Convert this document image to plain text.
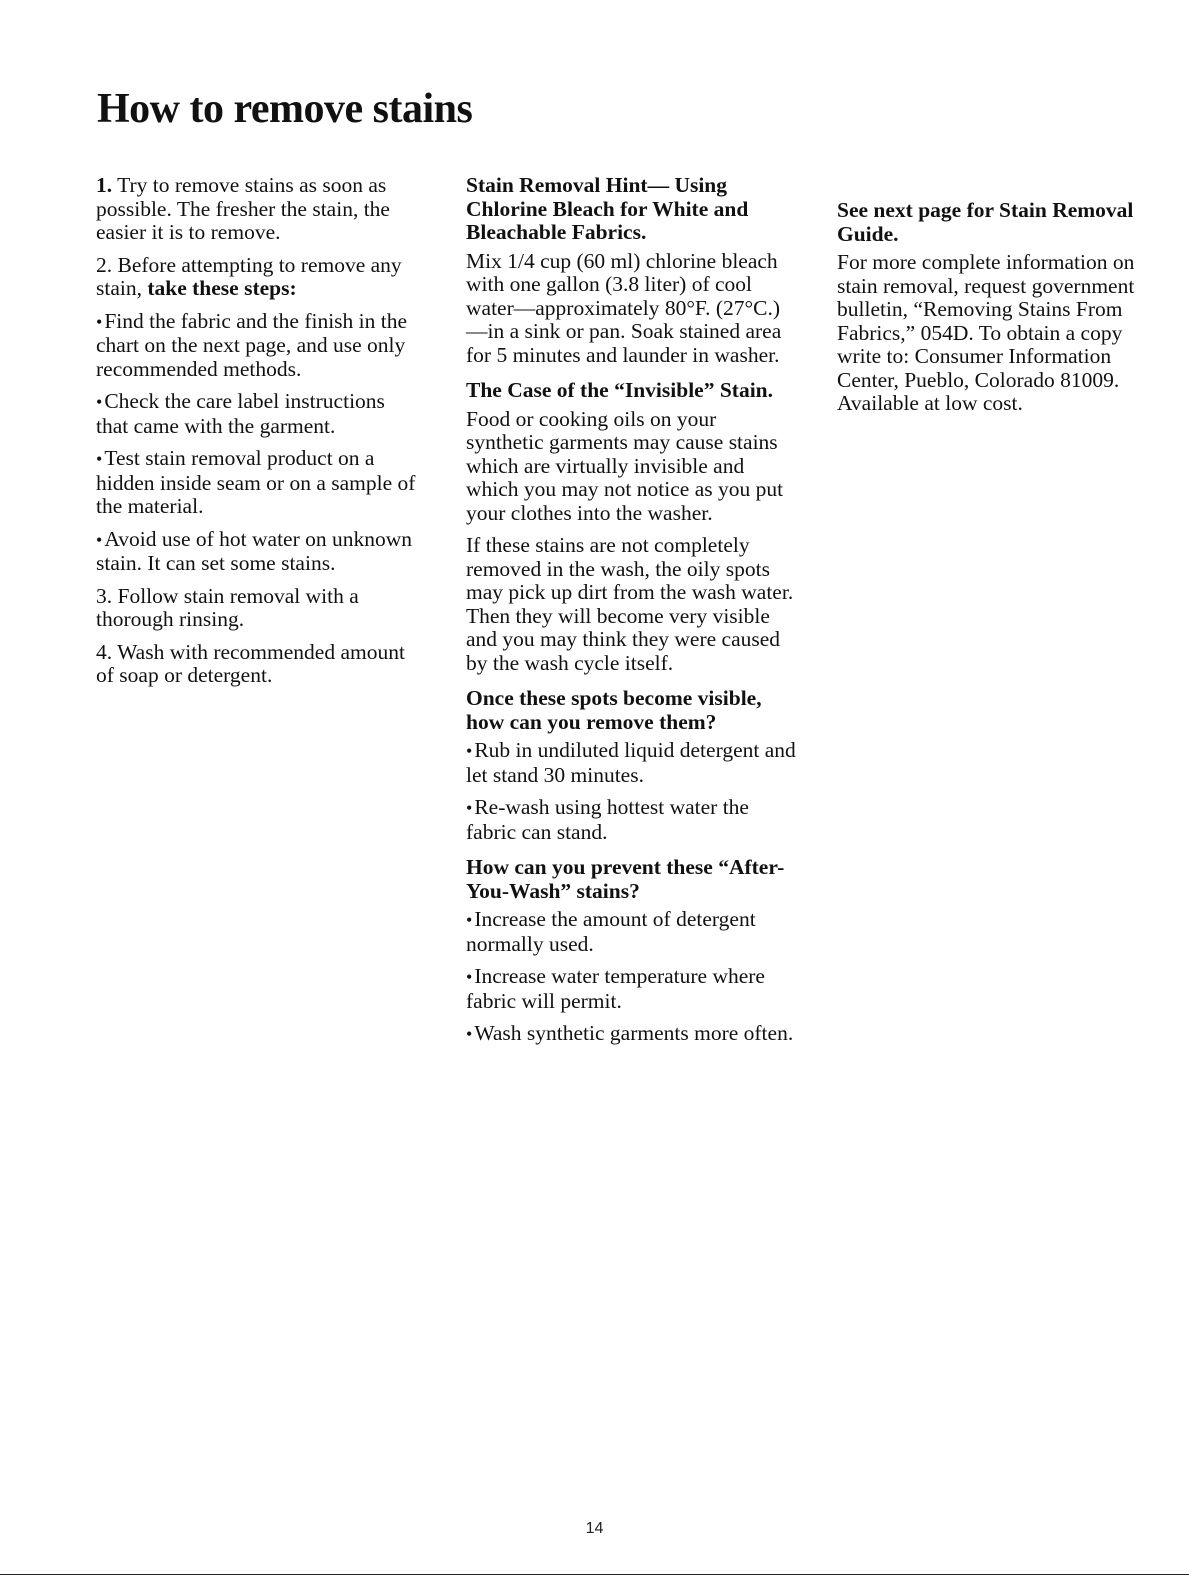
How to remove stains

1. Try to remove stains as soon as possible. The fresher the stain, the easier it is to remove.

2. Before attempting to remove any stain, take these steps:

• Find the fabric and the finish in the chart on the next page, and use only recommended methods.

• Check the care label instructions that came with the garment.

• Test stain removal product on a hidden inside seam or on a sample of the material.

• Avoid use of hot water on unknown stain. It can set some stains.

3. Follow stain removal with a thorough rinsing.

4. Wash with recommended amount of soap or detergent.

Stain Removal Hint— Using Chlorine Bleach for White and Bleachable Fabrics.

Mix 1/4 cup (60 ml) chlorine bleach with one gallon (3.8 liter) of cool water—approximately 80°F. (27°C.)—in a sink or pan. Soak stained area for 5 minutes and launder in washer.

The Case of the “Invisible” Stain.

Food or cooking oils on your synthetic garments may cause stains which are virtually invisible and which you may not notice as you put your clothes into the washer.

If these stains are not completely removed in the wash, the oily spots may pick up dirt from the wash water. Then they will become very visible and you may think they were caused by the wash cycle itself.

Once these spots become visible, how can you remove them?

• Rub in undiluted liquid detergent and let stand 30 minutes.

• Re-wash using hottest water the fabric can stand.

How can you prevent these “After-You-Wash” stains?

• Increase the amount of detergent normally used.

• Increase water temperature where fabric will permit.

• Wash synthetic garments more often.

See next page for Stain Removal Guide.

For more complete information on stain removal, request government bulletin, “Removing Stains From Fabrics,” 054D. To obtain a copy write to: Consumer Information Center, Pueblo, Colorado 81009. Available at low cost.

14
